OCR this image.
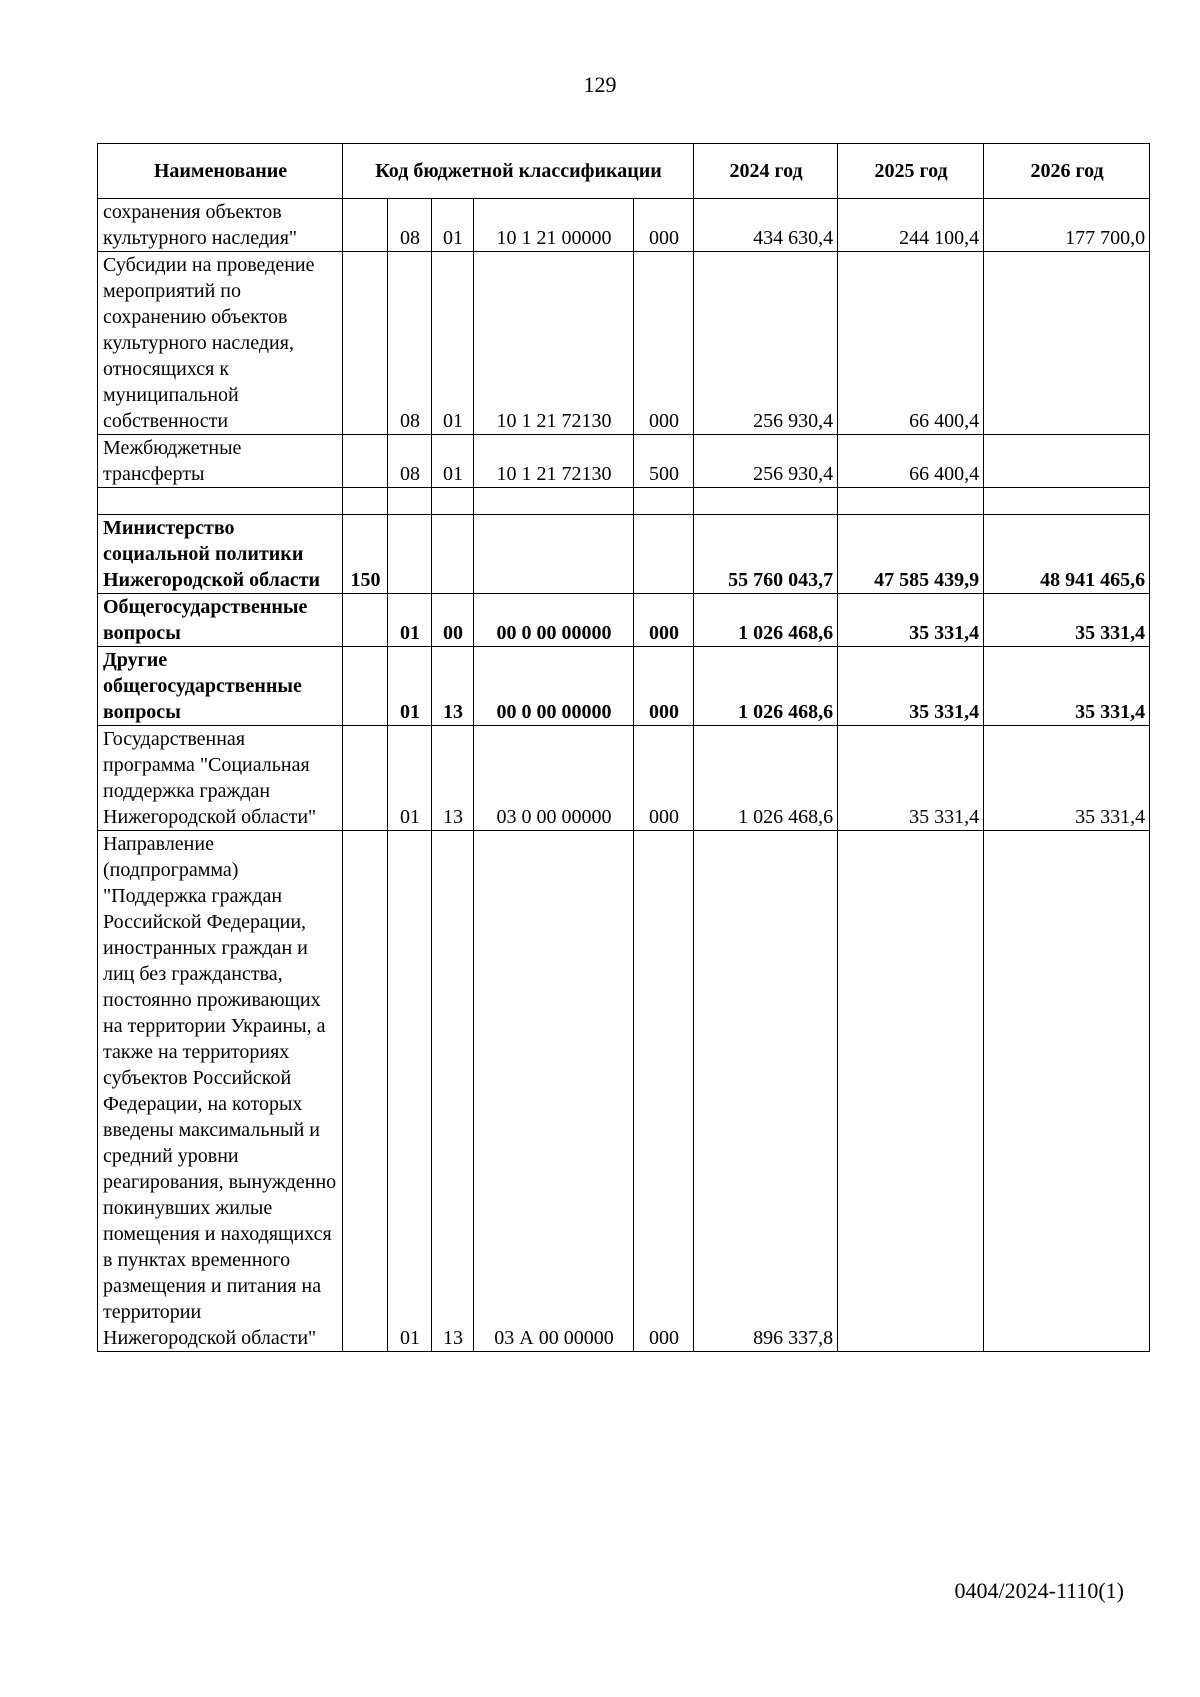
129
Наименование	Код бюджетной классификации					2024 год	2025 год	2026 год
сохранения объектов культурного наследия"		08	01	10 1 21 00000	000	434 630,4	244 100,4	177 700,0
Субсидии на проведение мероприятий по сохранению объектов культурного наследия, относящихся к муниципальной собственности		08	01	10 1 21 72130	000	256 930,4	66 400,4	
Межбюджетные трансферты		08	01	10 1 21 72130	500	256 930,4	66 400,4	

Министерство социальной политики Нижегородской области	150					55 760 043,7	47 585 439,9	48 941 465,6
Общегосударственные вопросы		01	00	00 0 00 00000	000	1 026 468,6	35 331,4	35 331,4
Другие общегосударственные вопросы		01	13	00 0 00 00000	000	1 026 468,6	35 331,4	35 331,4
Государственная программа "Социальная поддержка граждан Нижегородской области"		01	13	03 0 00 00000	000	1 026 468,6	35 331,4	35 331,4
Направление (подпрограмма) "Поддержка граждан Российской Федерации, иностранных граждан и лиц без гражданства, постоянно проживающих на территории Украины, а также на территориях субъектов Российской Федерации, на которых введены максимальный и средний уровни реагирования, вынужденно покинувших жилые помещения и находящихся в пунктах временного размещения и питания на территории Нижегородской области"		01	13	03 А 00 00000	000	896 337,8		
0404/2024-1110(1)
